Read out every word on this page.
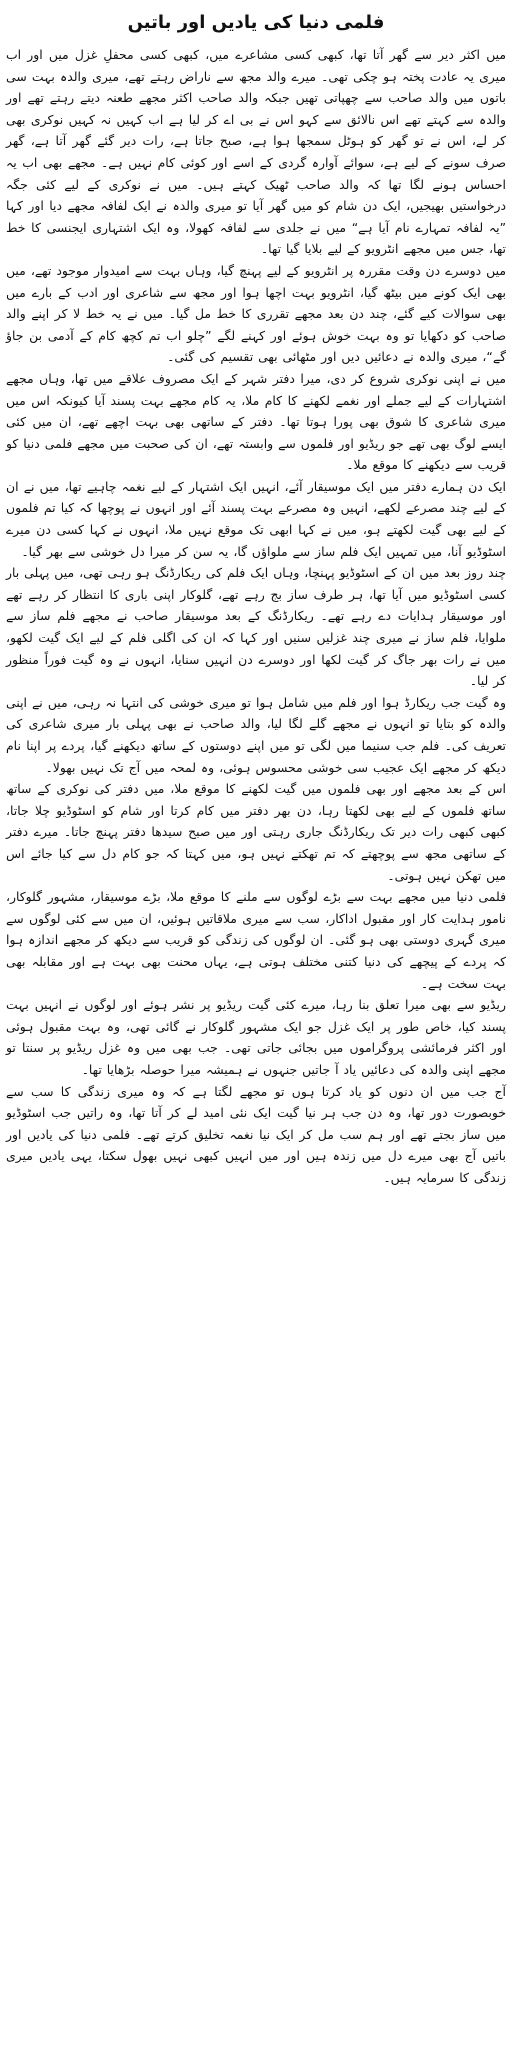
فلمی دنیا کی یادیں اور باتیں

میں اکثر دیر سے گھر آتا تھا، کبھی کسی مشاعرے میں، کبھی کسی محفلِ غزل میں اور اب میری یہ عادت پختہ ہو چکی تھی۔ میرے والد مجھ سے ناراض رہتے تھے، میری والدہ بہت سی باتوں میں والد صاحب سے چھپاتی تھیں جبکہ والد صاحب اکثر مجھے طعنہ دیتے رہتے تھے اور والدہ سے کہتے تھے اس نالائق سے کہو اس نے بی اے کر لیا ہے اب کہیں نہ کہیں نوکری بھی کر لے، اس نے تو گھر کو ہوٹل سمجھا ہوا ہے، صبح جاتا ہے، رات دیر گئے گھر آتا ہے، گھر صرف سونے کے لیے ہے، سوائے آوارہ گردی کے اسے اور کوئی کام نہیں ہے۔ مجھے بھی اب یہ احساس ہونے لگا تھا کہ والد صاحب ٹھیک کہتے ہیں۔ میں نے نوکری کے لیے کئی جگہ درخواستیں بھیجیں، ایک دن شام کو میں گھر آیا تو میری والدہ نے ایک لفافہ مجھے دیا اور کہا ”یہ لفافہ تمہارے نام آیا ہے“ میں نے جلدی سے لفافہ کھولا، وہ ایک اشتہاری ایجنسی کا خط تھا، جس میں مجھے انٹرویو کے لیے بلایا گیا تھا۔

میں دوسرے دن وقت مقررہ پر انٹرویو کے لیے پہنچ گیا، وہاں بہت سے امیدوار موجود تھے، میں بھی ایک کونے میں بیٹھ گیا، انٹرویو بہت اچھا ہوا اور مجھ سے شاعری اور ادب کے بارے میں بھی سوالات کیے گئے، چند دن بعد مجھے تقرری کا خط مل گیا۔ میں نے یہ خط لا کر اپنے والد صاحب کو دکھایا تو وہ بہت خوش ہوئے اور کہنے لگے ”چلو اب تم کچھ کام کے آدمی بن جاؤ گے“، میری والدہ نے دعائیں دیں اور مٹھائی بھی تقسیم کی گئی۔

میں نے اپنی نوکری شروع کر دی، میرا دفتر شہر کے ایک مصروف علاقے میں تھا، وہاں مجھے اشتہارات کے لیے جملے اور نغمے لکھنے کا کام ملا، یہ کام مجھے بہت پسند آیا کیونکہ اس میں میری شاعری کا شوق بھی پورا ہوتا تھا۔ دفتر کے ساتھی بھی بہت اچھے تھے، ان میں کئی ایسے لوگ بھی تھے جو ریڈیو اور فلموں سے وابستہ تھے، ان کی صحبت میں مجھے فلمی دنیا کو قریب سے دیکھنے کا موقع ملا۔

ایک دن ہمارے دفتر میں ایک موسیقار آئے، انہیں ایک اشتہار کے لیے نغمہ چاہیے تھا، میں نے ان کے لیے چند مصرعے لکھے، انہیں وہ مصرعے بہت پسند آئے اور انہوں نے پوچھا کہ کیا تم فلموں کے لیے بھی گیت لکھتے ہو، میں نے کہا ابھی تک موقع نہیں ملا، انہوں نے کہا کسی دن میرے اسٹوڈیو آنا، میں تمہیں ایک فلم ساز سے ملواؤں گا، یہ سن کر میرا دل خوشی سے بھر گیا۔

چند روز بعد میں ان کے اسٹوڈیو پہنچا، وہاں ایک فلم کی ریکارڈنگ ہو رہی تھی، میں پہلی بار کسی اسٹوڈیو میں آیا تھا، ہر طرف ساز بج رہے تھے، گلوکار اپنی باری کا انتظار کر رہے تھے اور موسیقار ہدایات دے رہے تھے۔ ریکارڈنگ کے بعد موسیقار صاحب نے مجھے فلم ساز سے ملوایا، فلم ساز نے میری چند غزلیں سنیں اور کہا کہ ان کی اگلی فلم کے لیے ایک گیت لکھو، میں نے رات بھر جاگ کر گیت لکھا اور دوسرے دن انہیں سنایا، انہوں نے وہ گیت فوراً منظور کر لیا۔

وہ گیت جب ریکارڈ ہوا اور فلم میں شامل ہوا تو میری خوشی کی انتہا نہ رہی، میں نے اپنی والدہ کو بتایا تو انہوں نے مجھے گلے لگا لیا، والد صاحب نے بھی پہلی بار میری شاعری کی تعریف کی۔ فلم جب سنیما میں لگی تو میں اپنے دوستوں کے ساتھ دیکھنے گیا، پردے پر اپنا نام دیکھ کر مجھے ایک عجیب سی خوشی محسوس ہوئی، وہ لمحہ میں آج تک نہیں بھولا۔

اس کے بعد مجھے اور بھی فلموں میں گیت لکھنے کا موقع ملا، میں دفتر کی نوکری کے ساتھ ساتھ فلموں کے لیے بھی لکھتا رہا، دن بھر دفتر میں کام کرتا اور شام کو اسٹوڈیو چلا جاتا، کبھی کبھی رات دیر تک ریکارڈنگ جاری رہتی اور میں صبح سیدھا دفتر پہنچ جاتا۔ میرے دفتر کے ساتھی مجھ سے پوچھتے کہ تم تھکتے نہیں ہو، میں کہتا کہ جو کام دل سے کیا جائے اس میں تھکن نہیں ہوتی۔

فلمی دنیا میں مجھے بہت سے بڑے لوگوں سے ملنے کا موقع ملا، بڑے موسیقار، مشہور گلوکار، نامور ہدایت کار اور مقبول اداکار، سب سے میری ملاقاتیں ہوئیں، ان میں سے کئی لوگوں سے میری گہری دوستی بھی ہو گئی۔ ان لوگوں کی زندگی کو قریب سے دیکھ کر مجھے اندازہ ہوا کہ پردے کے پیچھے کی دنیا کتنی مختلف ہوتی ہے، یہاں محنت بھی بہت ہے اور مقابلہ بھی بہت سخت ہے۔

ریڈیو سے بھی میرا تعلق بنا رہا، میرے کئی گیت ریڈیو پر نشر ہوئے اور لوگوں نے انہیں بہت پسند کیا، خاص طور پر ایک غزل جو ایک مشہور گلوکار نے گائی تھی، وہ بہت مقبول ہوئی اور اکثر فرمائشی پروگراموں میں بجائی جاتی تھی۔ جب بھی میں وہ غزل ریڈیو پر سنتا تو مجھے اپنی والدہ کی دعائیں یاد آ جاتیں جنہوں نے ہمیشہ میرا حوصلہ بڑھایا تھا۔

آج جب میں ان دنوں کو یاد کرتا ہوں تو مجھے لگتا ہے کہ وہ میری زندگی کا سب سے خوبصورت دور تھا، وہ دن جب ہر نیا گیت ایک نئی امید لے کر آتا تھا، وہ راتیں جب اسٹوڈیو میں ساز بجتے تھے اور ہم سب مل کر ایک نیا نغمہ تخلیق کرتے تھے۔ فلمی دنیا کی یادیں اور باتیں آج بھی میرے دل میں زندہ ہیں اور میں انہیں کبھی نہیں بھول سکتا، یہی یادیں میری زندگی کا سرمایہ ہیں۔
